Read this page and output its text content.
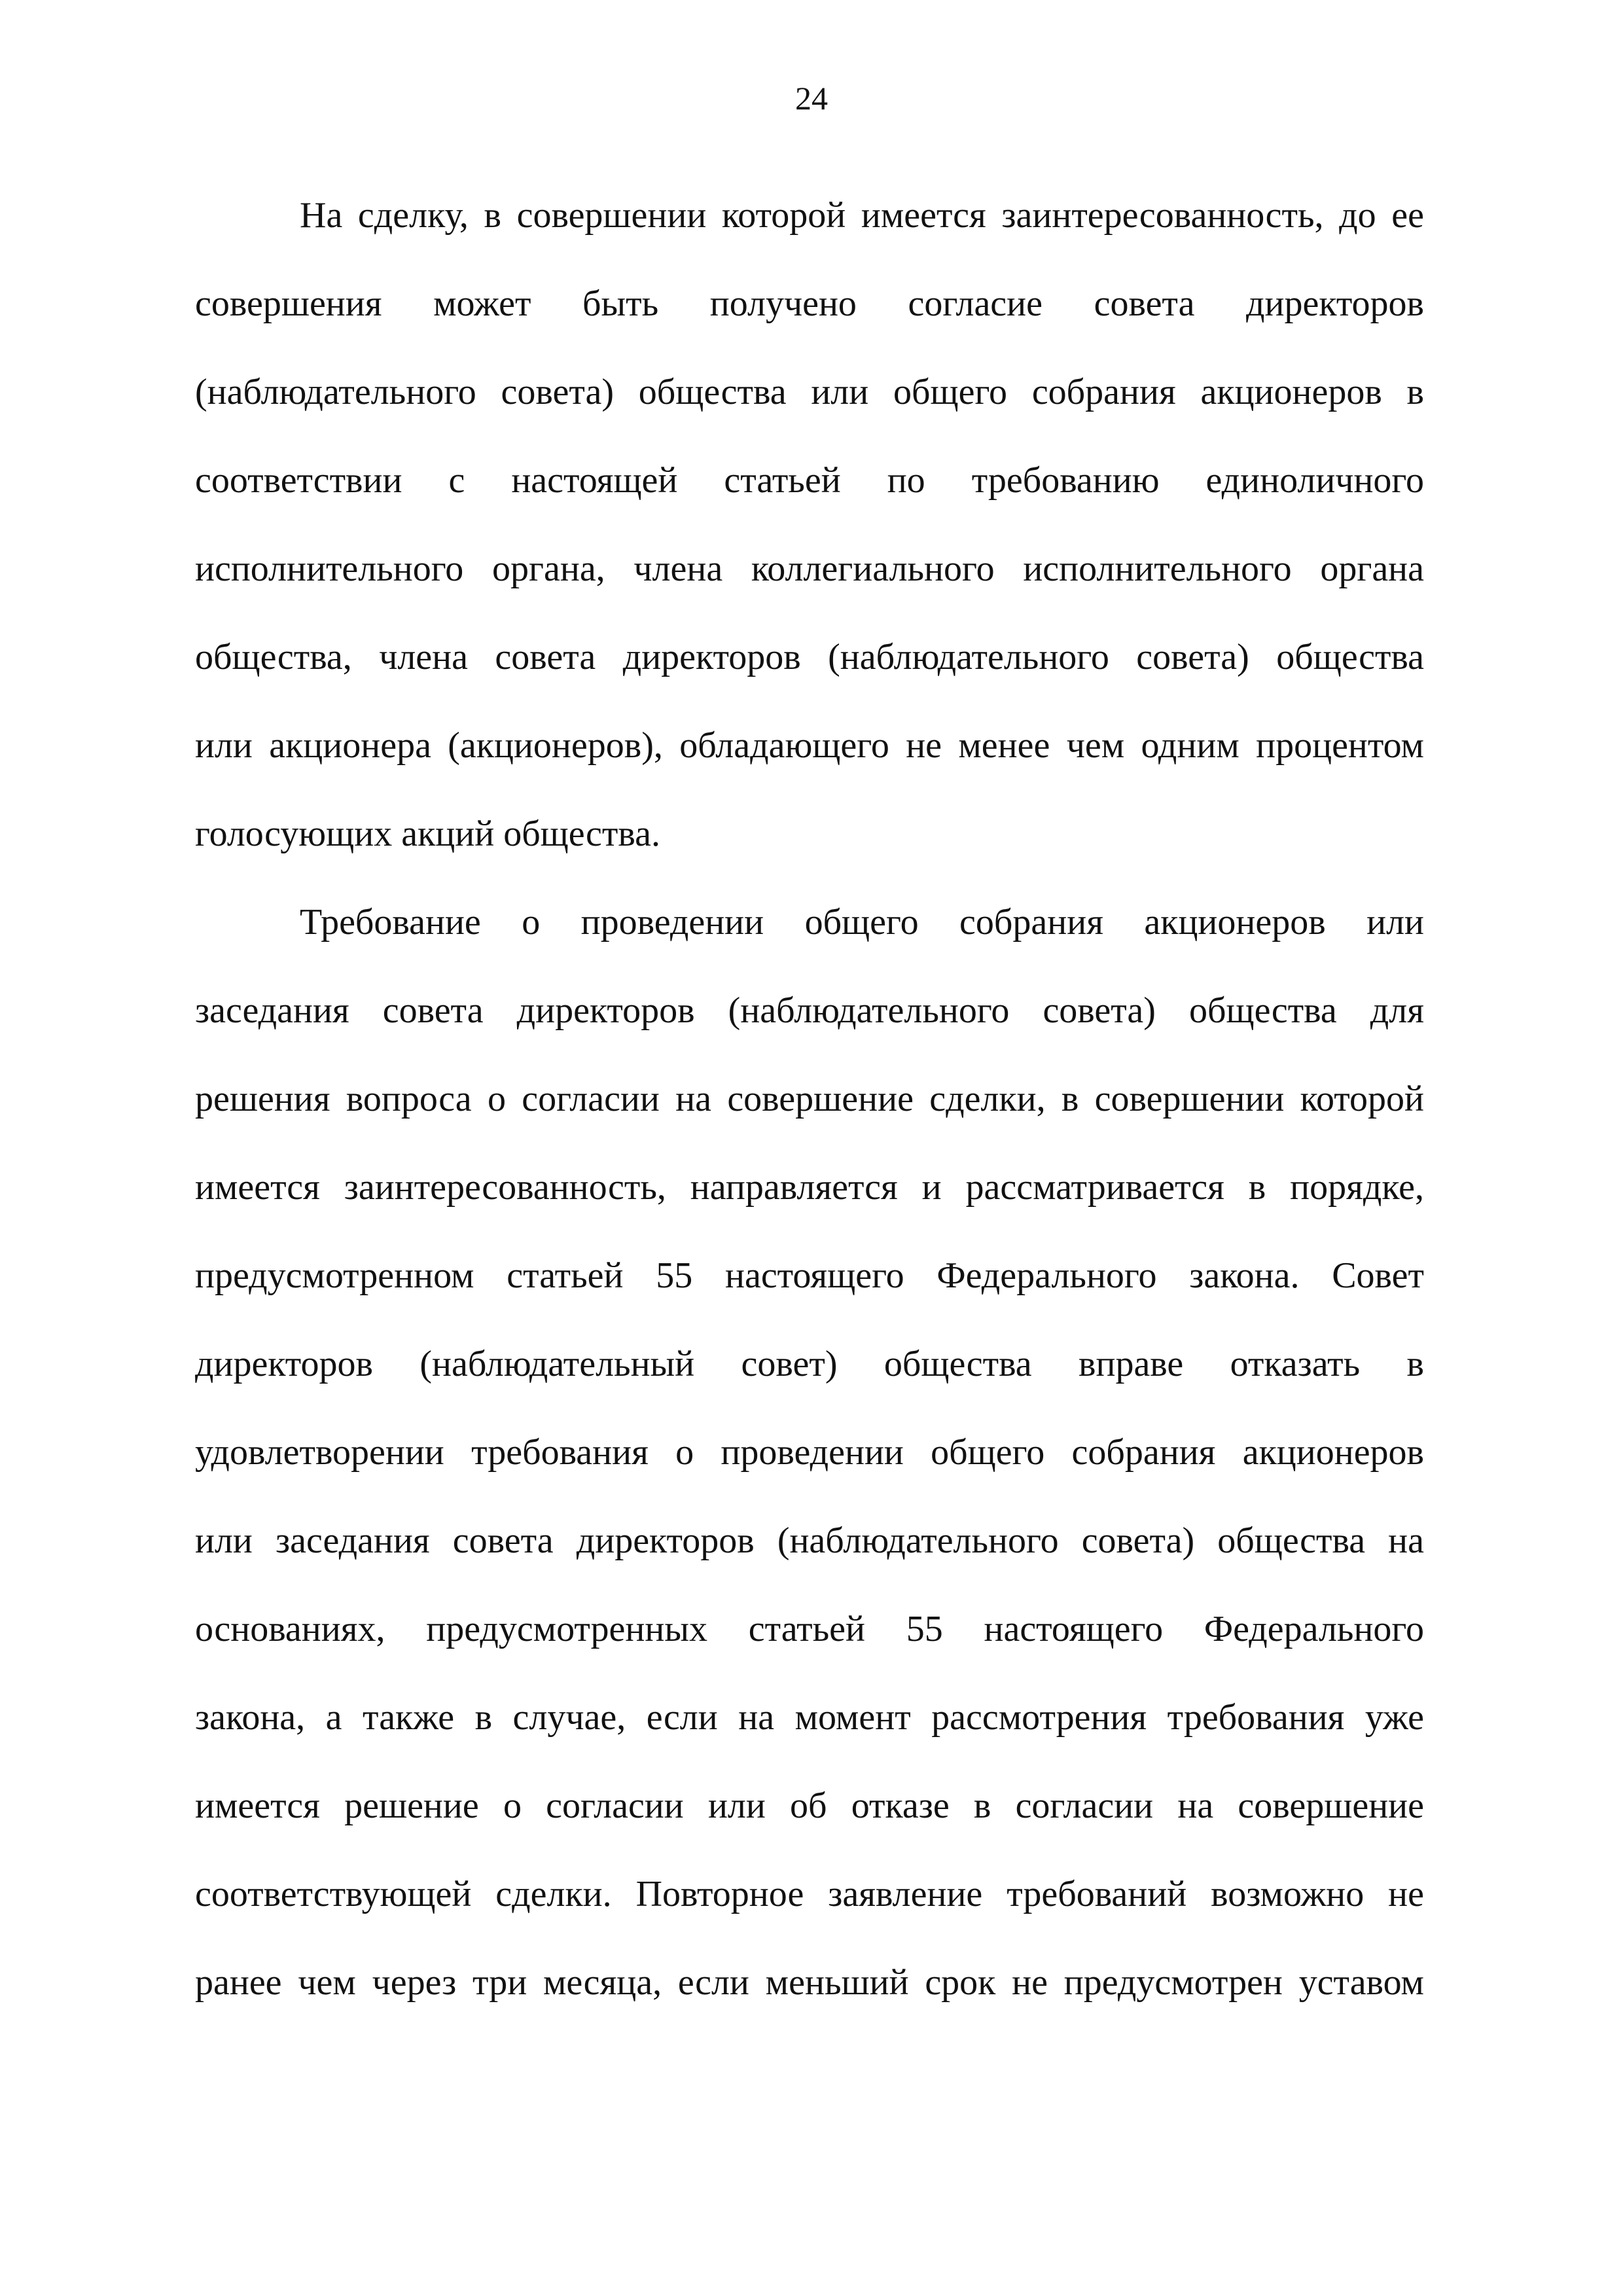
24
На сделку, в совершении которой имеется заинтересованность, до ее
совершения может быть получено согласие совета директоров
(наблюдательного совета) общества или общего собрания акционеров в
соответствии с настоящей статьей по требованию единоличного
исполнительного органа, члена коллегиального исполнительного органа
общества, члена совета директоров (наблюдательного совета) общества
или акционера (акционеров), обладающего не менее чем одним процентом
голосующих акций общества.
Требование о проведении общего собрания акционеров или
заседания совета директоров (наблюдательного совета) общества для
решения вопроса о согласии на совершение сделки, в совершении которой
имеется заинтересованность, направляется и рассматривается в порядке,
предусмотренном статьей 55 настоящего Федерального закона. Совет
директоров (наблюдательный совет) общества вправе отказать в
удовлетворении требования о проведении общего собрания акционеров
или заседания совета директоров (наблюдательного совета) общества на
основаниях, предусмотренных статьей 55 настоящего Федерального
закона, а также в случае, если на момент рассмотрения требования уже
имеется решение о согласии или об отказе в согласии на совершение
соответствующей сделки. Повторное заявление требований возможно не
ранее чем через три месяца, если меньший срок не предусмотрен уставом
